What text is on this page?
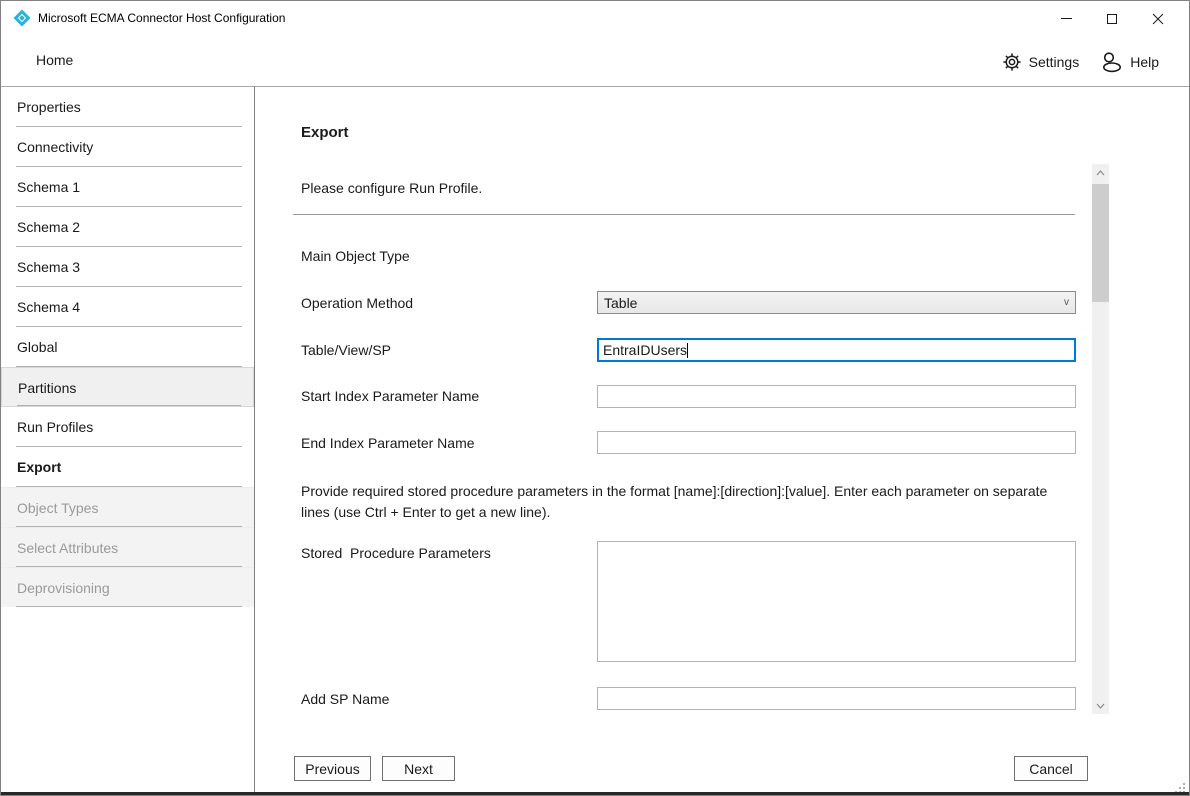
Microsoft ECMA Connector Host Configuration
Home	Settings	Help
Properties
Connectivity
Schema 1
Schema 2
Schema 3
Schema 4
Global
Partitions
Run Profiles
Export
Object Types
Select Attributes
Deprovisioning
Export
Please configure Run Profile.
Main Object Type
Operation Method	Table	v
Table/View/SP	EntraIDUsers
Start Index Parameter Name
End Index Parameter Name
Provide required stored procedure parameters in the format [name]:[direction]:[value]. Enter each parameter on separate lines (use Ctrl + Enter to get a new line).
Stored  Procedure Parameters
Add SP Name
Previous	Next	Cancel
